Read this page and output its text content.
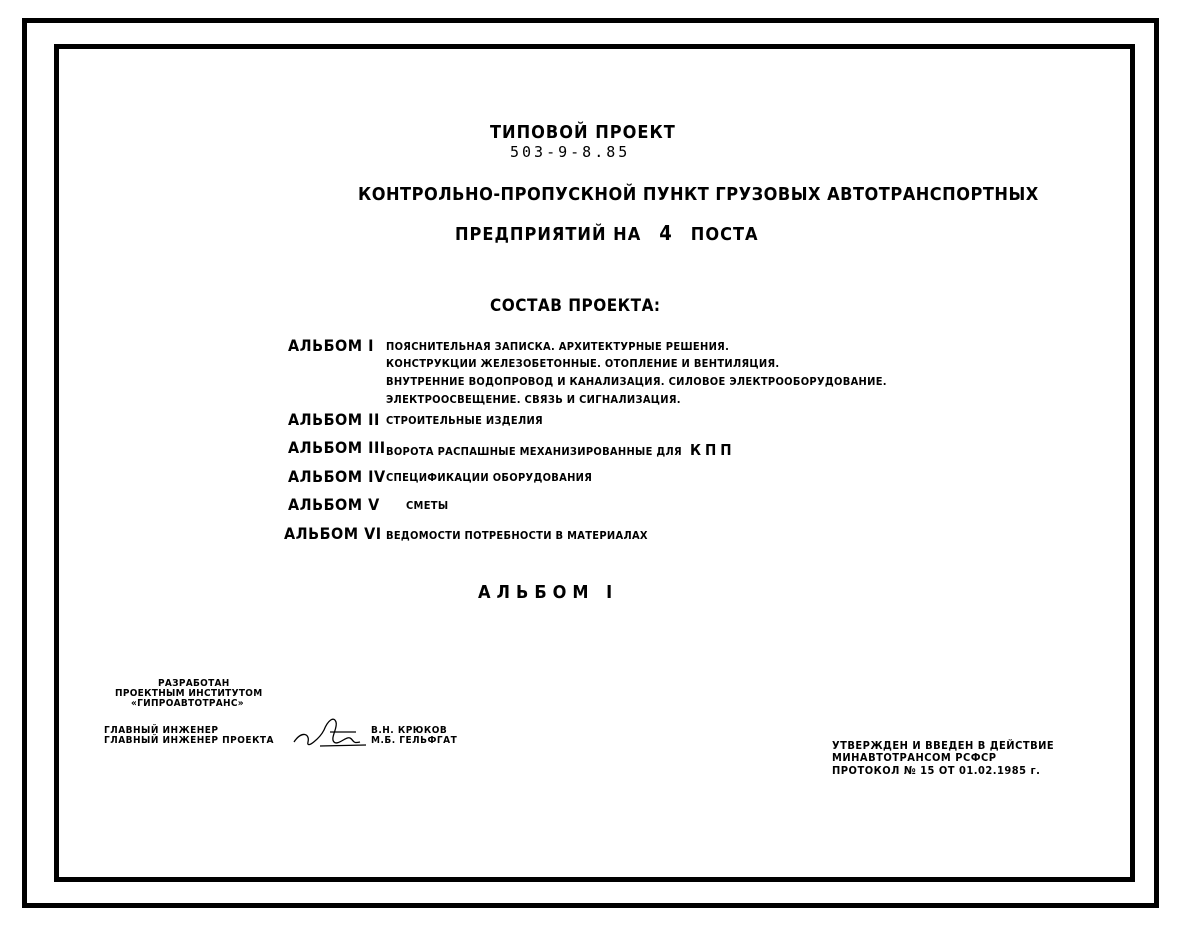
ТИПОВОЙ ПРОЕКТ
503-9-8.85
КОНТРОЛЬНО-ПРОПУСКНОЙ ПУНКТ ГРУЗОВЫХ АВТОТРАНСПОРТНЫХ
ПРЕДПРИЯТИЙ НА 4 ПОСТА
СОСТАВ ПРОЕКТА:
АЛЬБОМ I ПОЯСНИТЕЛЬНАЯ ЗАПИСКА. АРХИТЕКТУРНЫЕ РЕШЕНИЯ.
КОНСТРУКЦИИ ЖЕЛЕЗОБЕТОННЫЕ. ОТОПЛЕНИЕ И ВЕНТИЛЯЦИЯ.
ВНУТРЕННИЕ ВОДОПРОВОД И КАНАЛИЗАЦИЯ. СИЛОВОЕ ЭЛЕКТРООБОРУДОВАНИЕ.
ЭЛЕКТРООСВЕЩЕНИЕ. СВЯЗЬ И СИГНАЛИЗАЦИЯ.
АЛЬБОМ II СТРОИТЕЛЬНЫЕ ИЗДЕЛИЯ
АЛЬБОМ III ВОРОТА РАСПАШНЫЕ МЕХАНИЗИРОВАННЫЕ ДЛЯ КПП
АЛЬБОМ IV СПЕЦИФИКАЦИИ ОБОРУДОВАНИЯ
АЛЬБОМ V СМЕТЫ
АЛЬБОМ VI ВЕДОМОСТИ ПОТРЕБНОСТИ В МАТЕРИАЛАХ
АЛЬБОМ I
РАЗРАБОТАН
ПРОЕКТНЫМ ИНСТИТУТОМ
«ГИПРОАВТОТРАНС»
ГЛАВНЫЙ ИНЖЕНЕР
ГЛАВНЫЙ ИНЖЕНЕР ПРОЕКТА
В.Н. КРЮКОВ
М.Б. ГЕЛЬФГАТ	УТВЕРЖДЕН И ВВЕДЕН В ДЕЙСТВИЕ
МИНАВТОТРАНСОМ РСФСР
ПРОТОКОЛ № 15 ОТ 01.02.1985 г.
